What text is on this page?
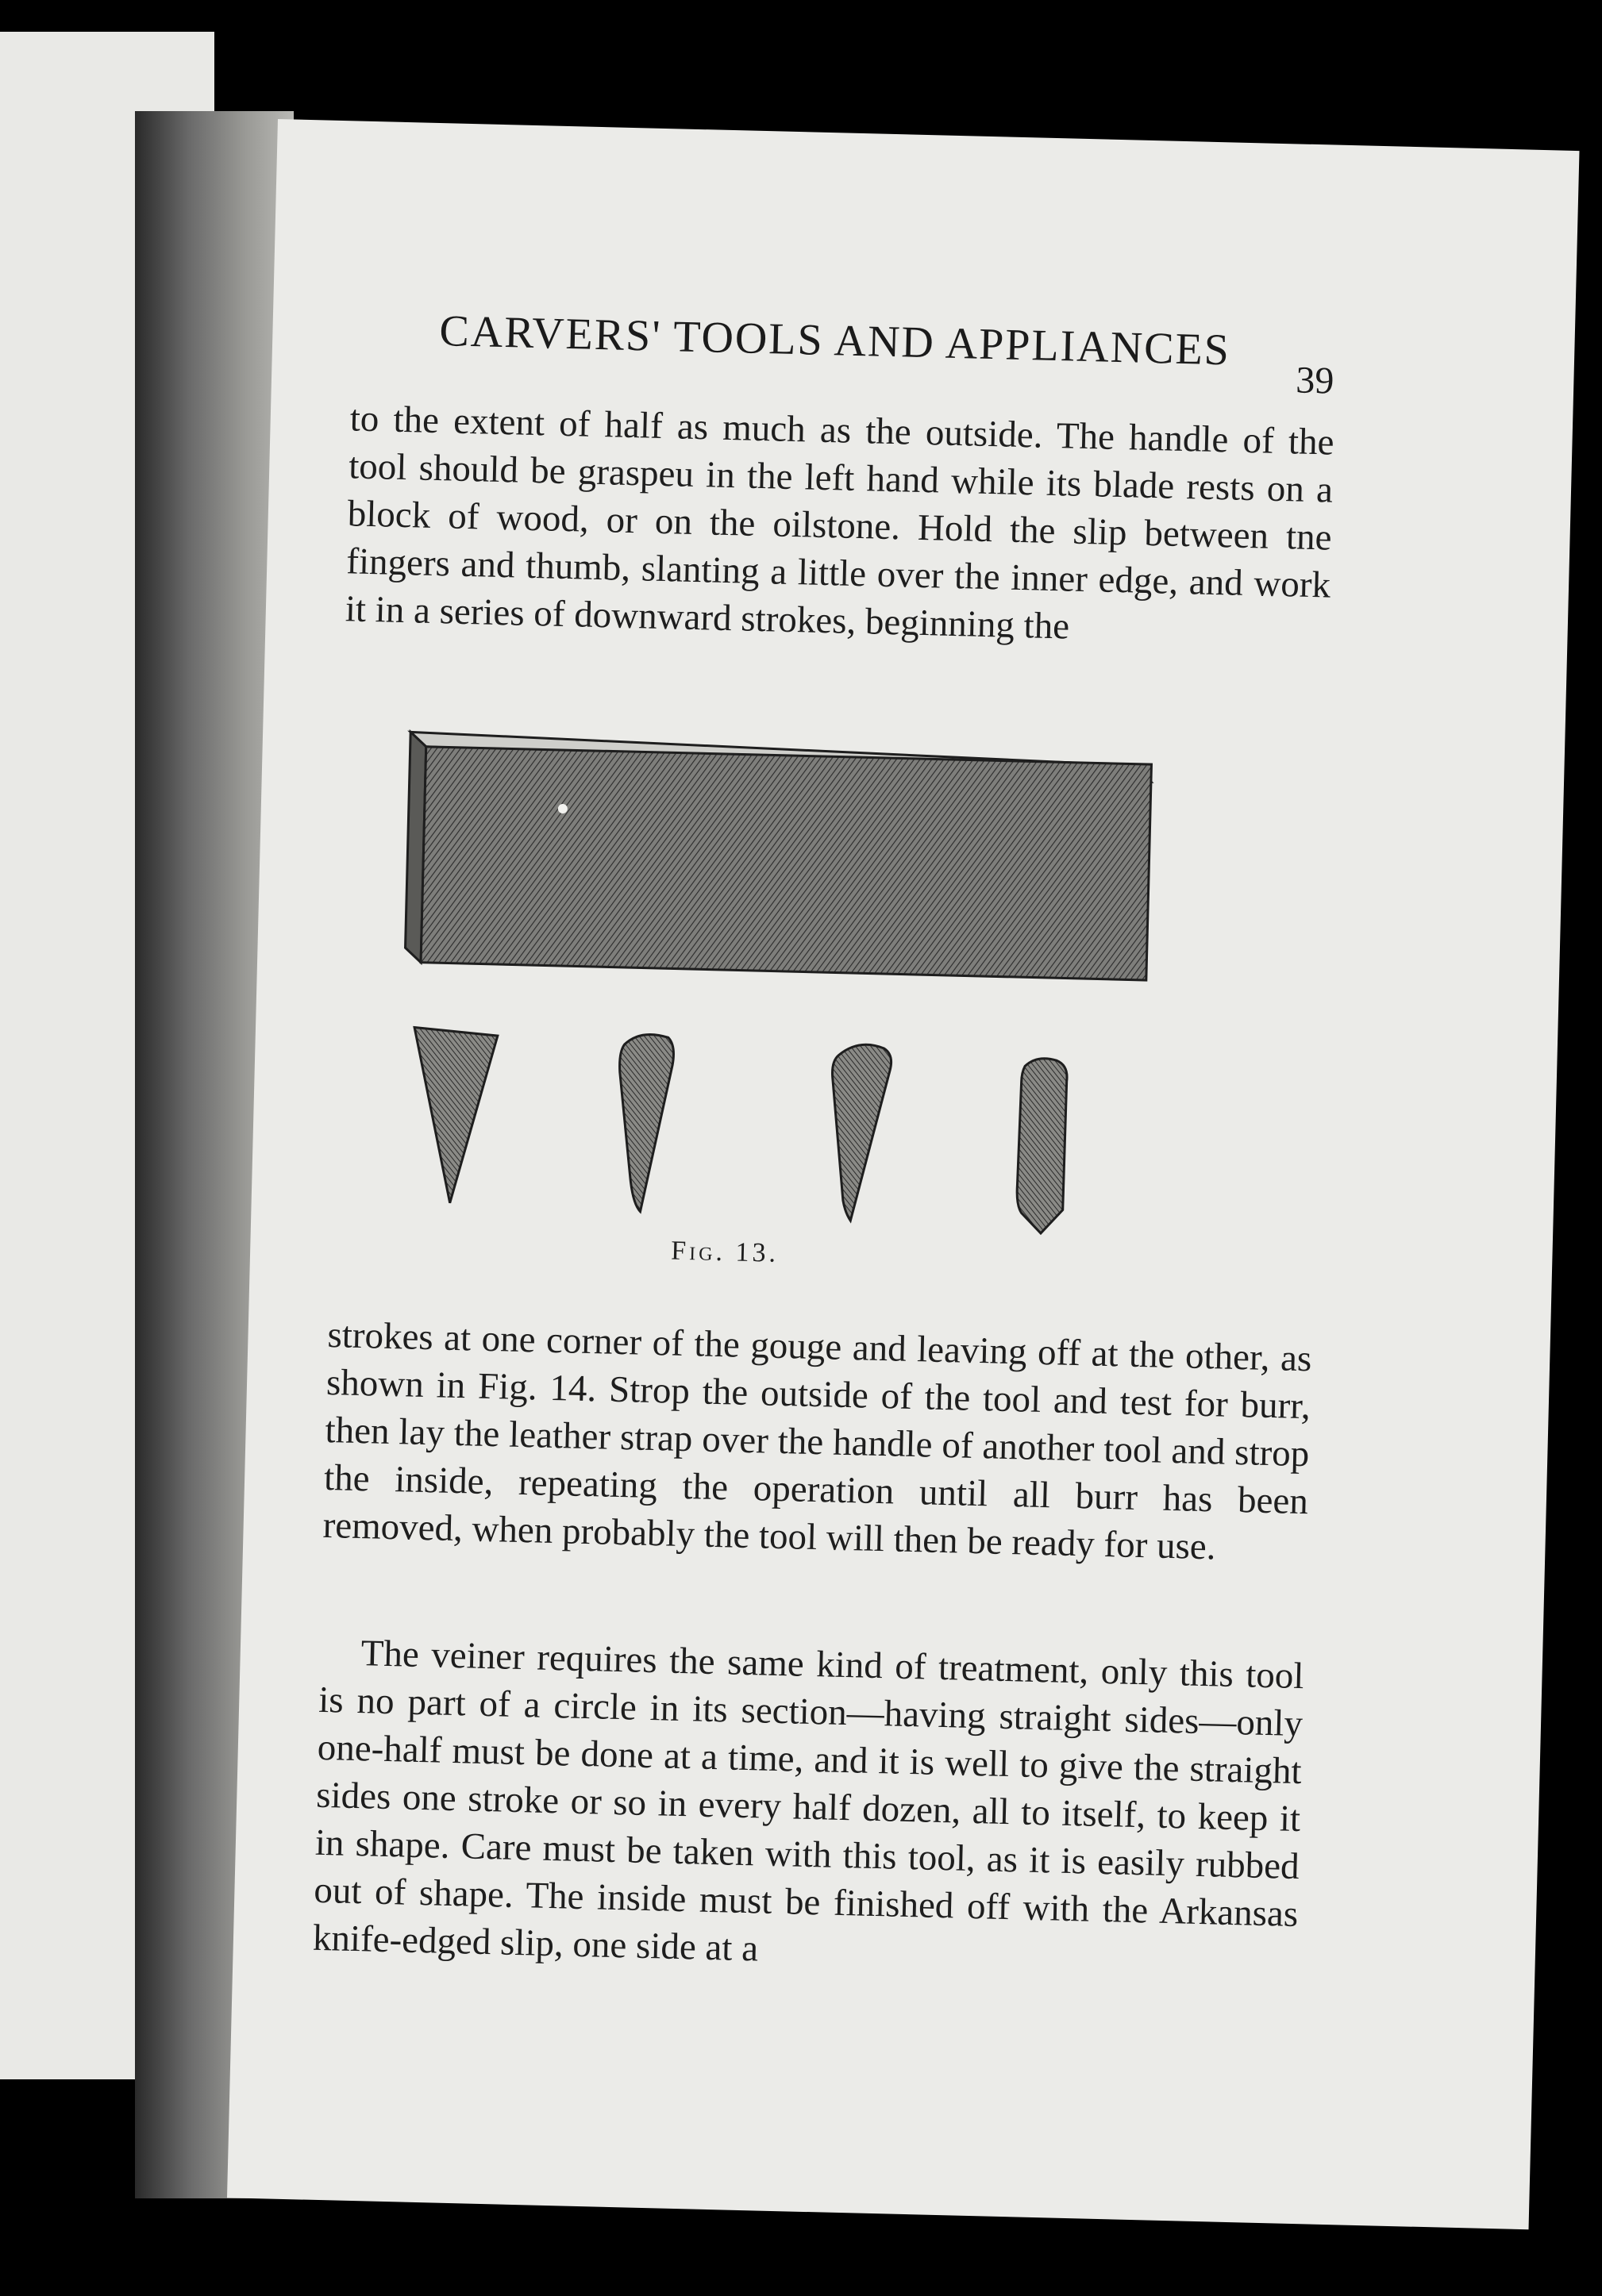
CARVERS' TOOLS AND APPLIANCES
39

to the extent of half as much as the outside. The handle of the tool should be graspeu in the left hand while its blade rests on a block of wood, or on the oilstone. Hold the slip between tne fingers and thumb, slanting a little over the inner edge, and work it in a series of downward strokes, beginning the

Fig. 13.

strokes at one corner of the gouge and leaving off at the other, as shown in Fig. 14. Strop the outside of the tool and test for burr, then lay the leather strap over the handle of another tool and strop the inside, repeating the operation until all burr has been removed, when probably the tool will then be ready for use.

The veiner requires the same kind of treatment, only this tool is no part of a circle in its section—having straight sides—only one-half must be done at a time, and it is well to give the straight sides one stroke or so in every half dozen, all to itself, to keep it in shape. Care must be taken with this tool, as it is easily rubbed out of shape. The inside must be finished off with the Arkansas knife-edged slip, one side at a
